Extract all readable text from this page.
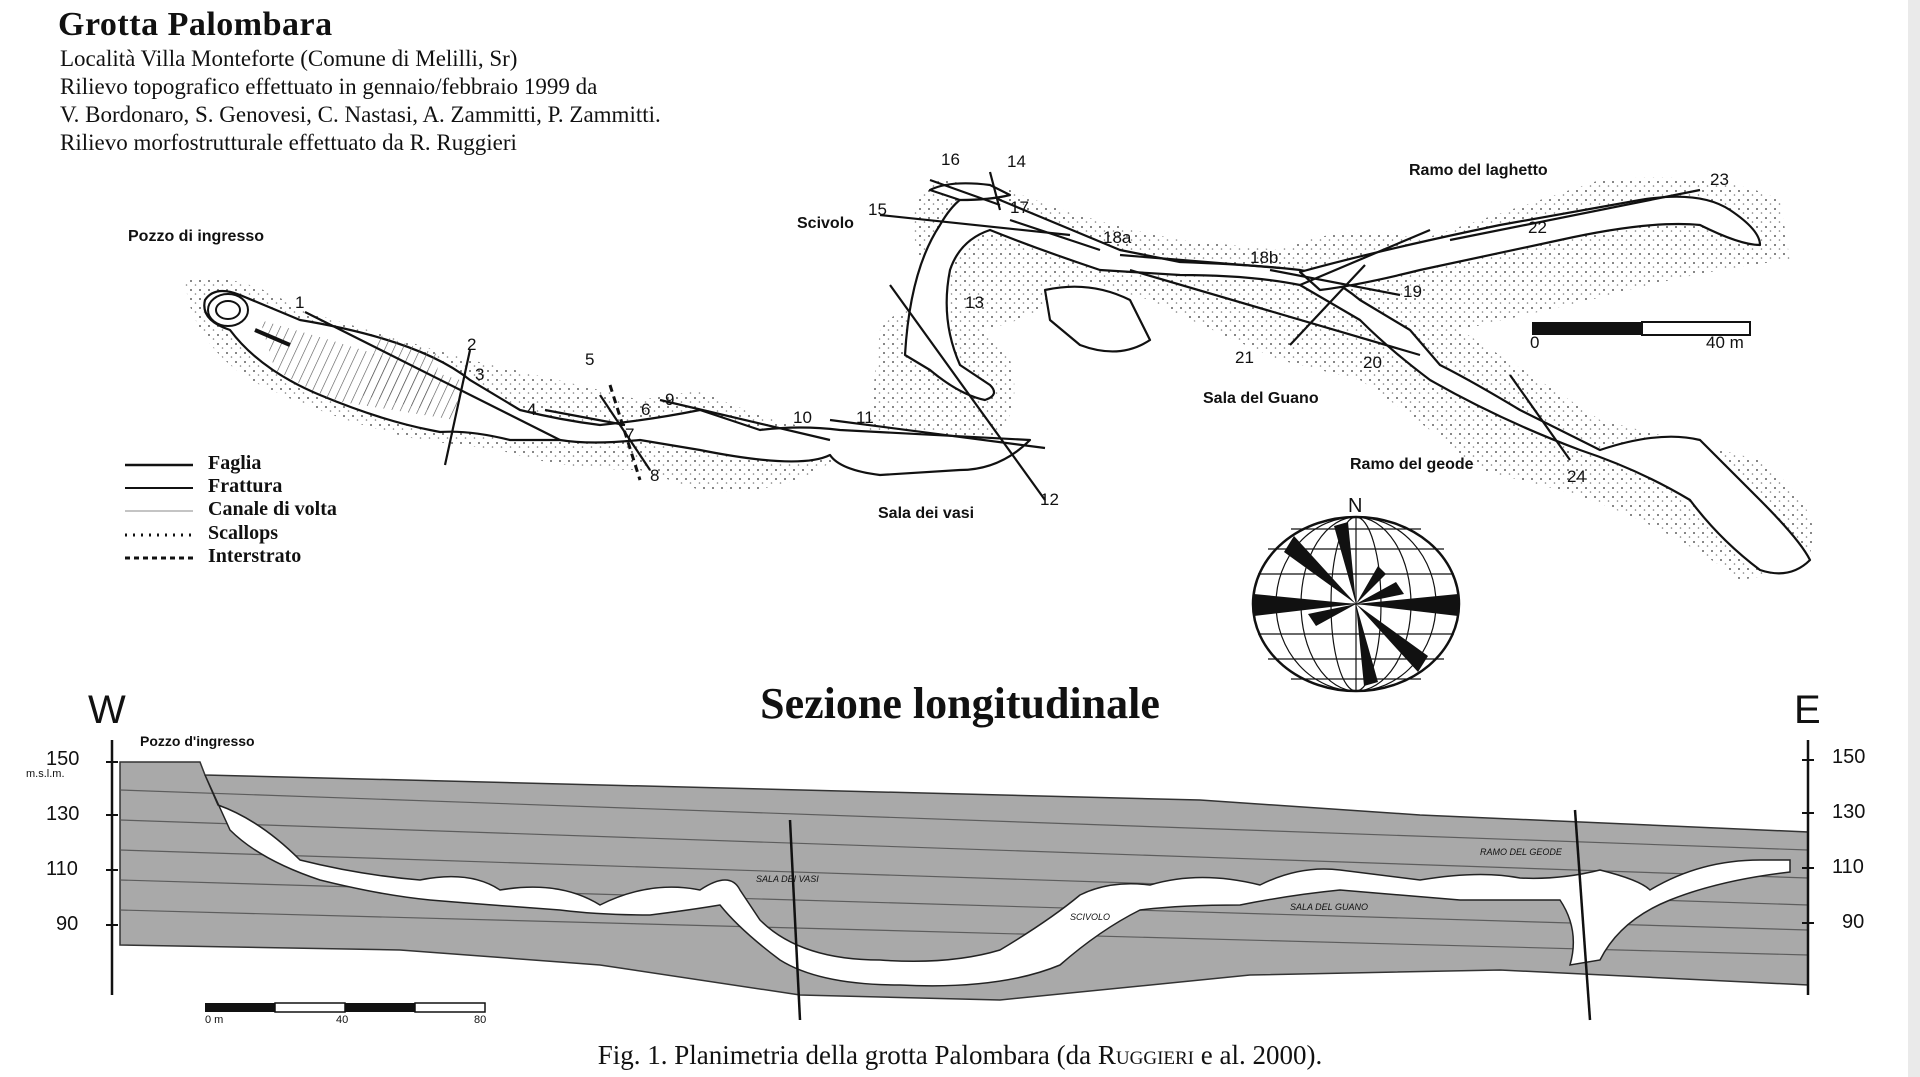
Grotta Palombara
Località Villa Monteforte (Comune di Melilli, Sr)
Rilievo topografico effettuato in gennaio/febbraio 1999 da
V. Bordonaro, S. Genovesi, C. Nastasi, A. Zammitti, P. Zammitti.
Rilievo morfostrutturale effettuato da R. Ruggieri
Pozzo di ingresso
Scivolo
Ramo del laghetto
Sala del Guano
Ramo del geode
Sala dei vasi
1
2
3
4
5
6
7
8
9
10	11
12
13
14
15
16
17
18a
18b
19
20
21
22
23
24
0	40 m
Faglia
Frattura
Canale di volta
Scallops
Interstrato
N
Sezione longitudinale
W	E
Pozzo d'ingresso
m.s.l.m.
150
130
110
90
150
130
110
90
SALA DEI VASI
SCIVOLO
SALA DEL GUANO
RAMO DEL GEODE
0 m	40	80
Fig. 1. Planimetria della grotta Palombara (da Ruggieri e al. 2000).
